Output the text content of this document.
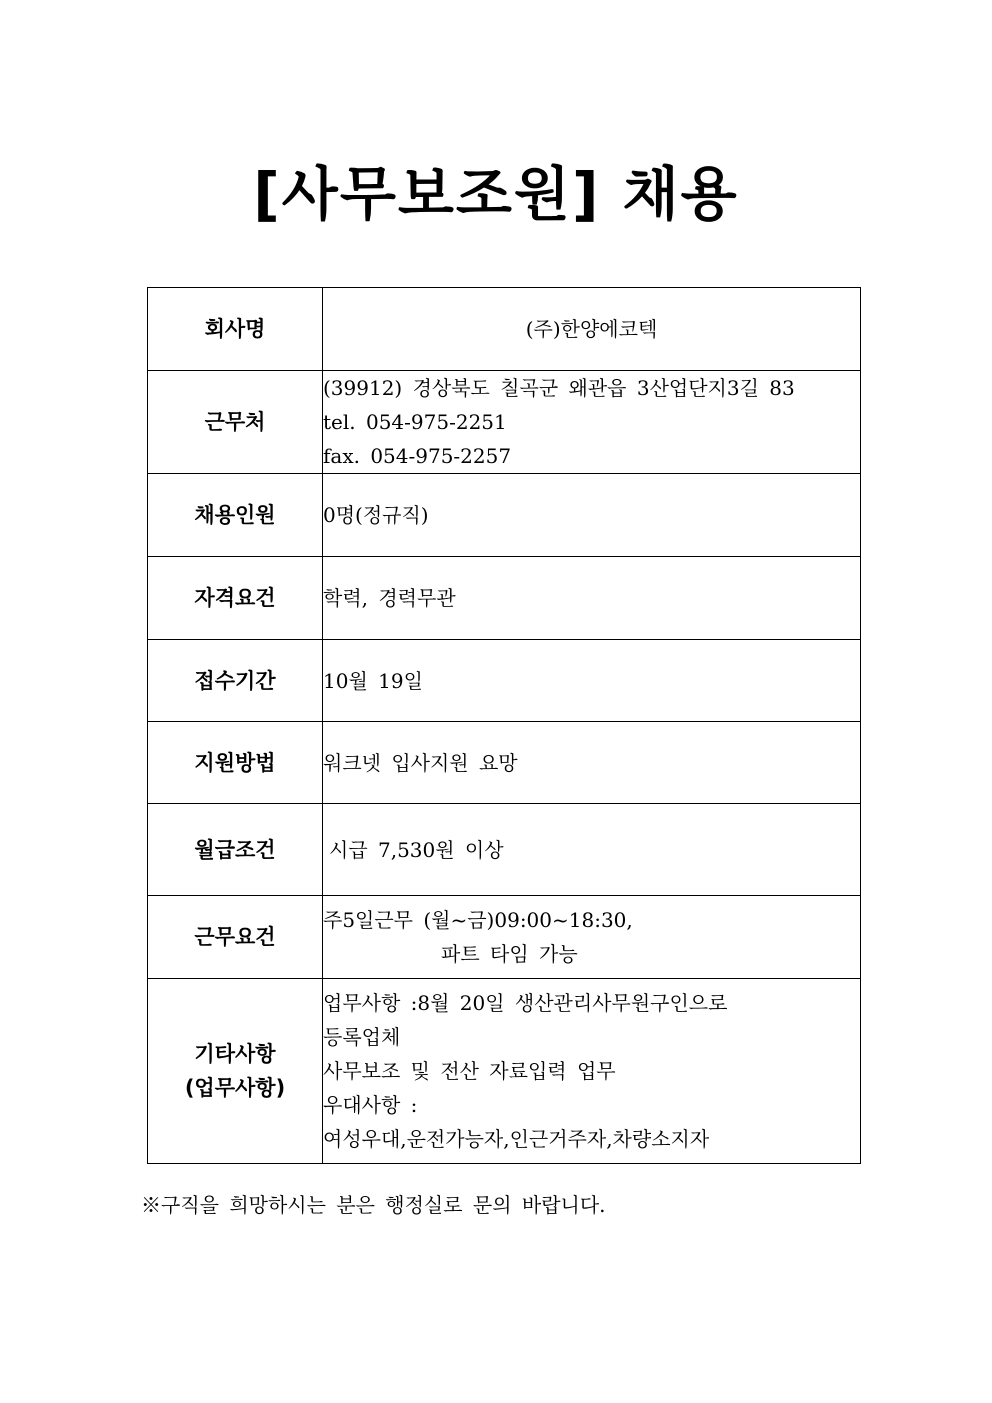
[사무보조원] 채용
회사명	(주)한양에코텍

근무처	(39912) 경상북도 칠곡군 왜관읍 3산업단지3길 83
tel. 054-975-2251
fax. 054-975-2257

채용인원	0명(정규직)

자격요건	학력, 경력무관

접수기간	10월 19일

지원방법	워크넷 입사지원 요망

월급조건	시급 7,530원 이상

근무요건	주5일근무 (월~금)09:00~18:30,
파트 타임 가능

기타사항
(업무사항)	업무사항 :8월 20일 생산관리사무원구인으로
등록업체
사무보조 및 전산 자료입력 업무
우대사항 :
여성우대,운전가능자,인근거주자,차량소지자

※구직을 희망하시는 분은 행정실로 문의 바랍니다.
